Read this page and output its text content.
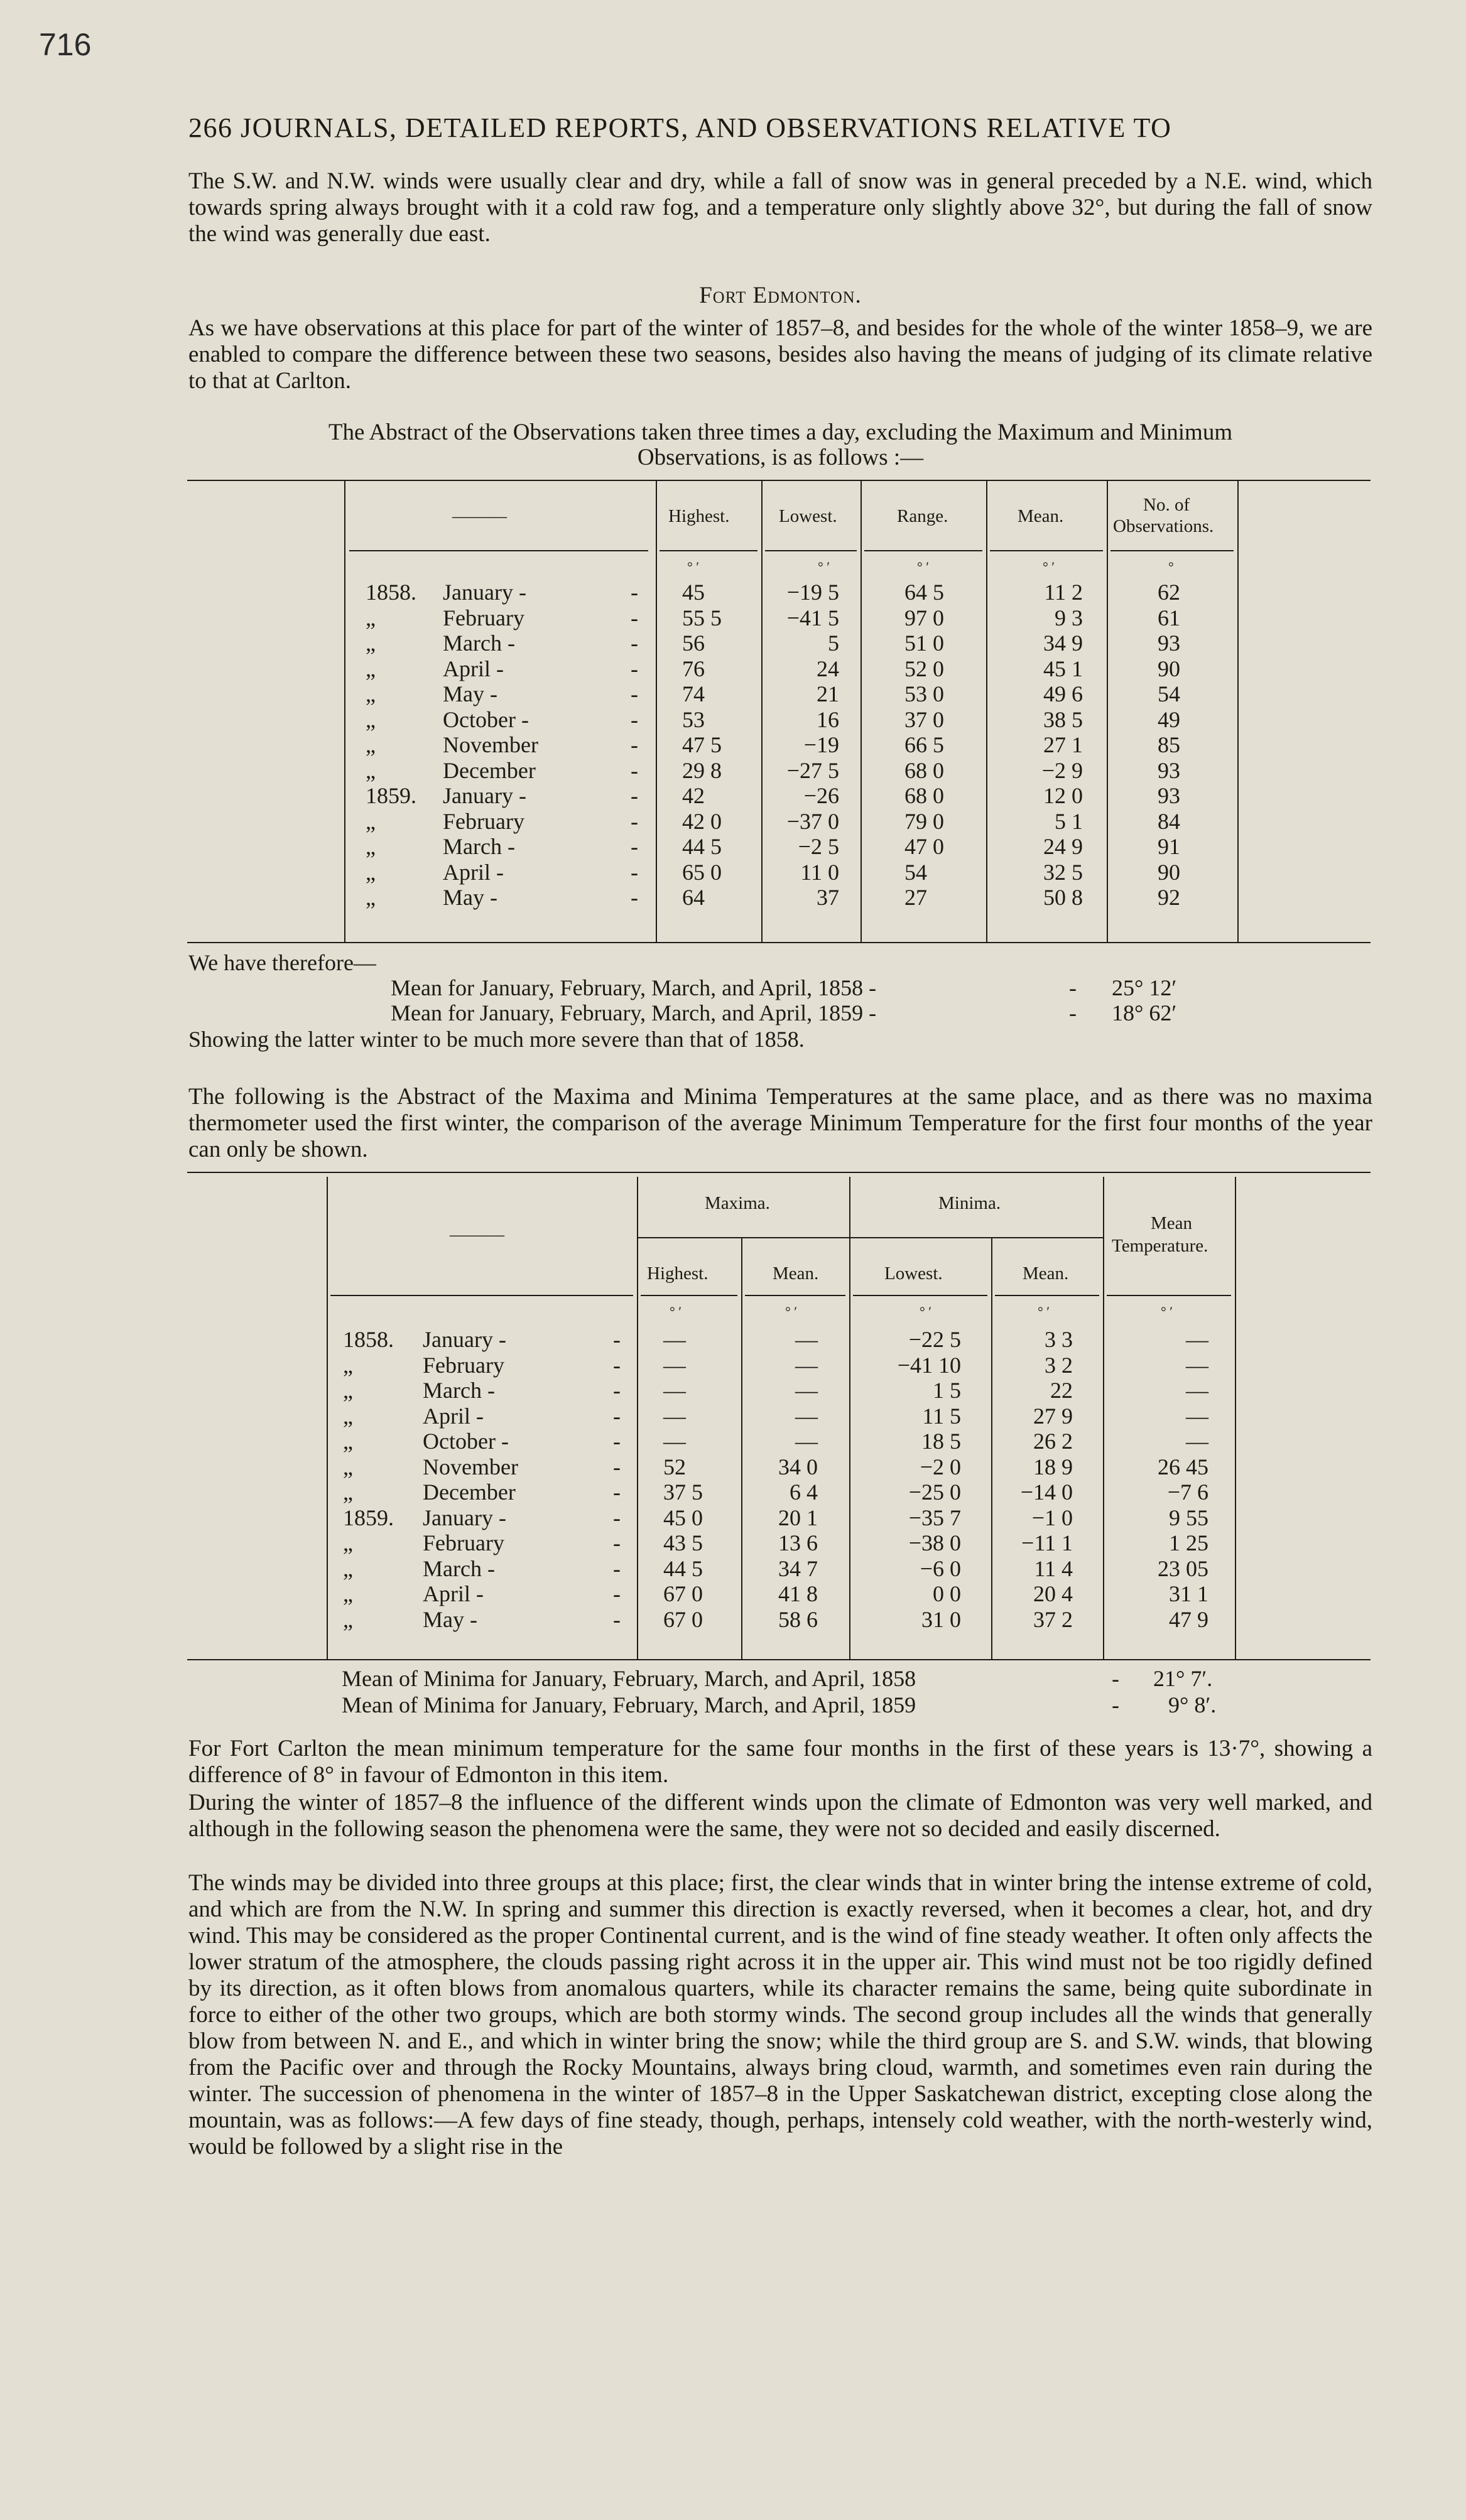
716
266 JOURNALS, DETAILED REPORTS, AND OBSERVATIONS RELATIVE TO
The S.W. and N.W. winds were usually clear and dry, while a fall of snow was in general preceded by a N.E. wind, which towards spring always brought with it a cold raw fog, and a temperature only slightly above 32°, but during the fall of snow the wind was generally due east.
Fort Edmonton.
As we have observations at this place for part of the winter of 1857–8, and besides for the whole of the winter 1858–9, we are enabled to compare the difference between these two seasons, besides also having the means of judging of its climate relative to that at Carlton.
The Abstract of the Observations taken three times a day, excluding the Maximum and Minimum
Observations, is as follows :—
———	Highest.	Lowest.	Range.	Mean.
No. of
Observations.
° ′	° ′	° ′	° ′	°
1858. January -	- 45	−19 5	64 5	11 2	62
„	February	- 55 5	−41 5	97 0	9 3	61
„	March -	- 56	5	51 0	34 9	93
„	April -	- 76	24	52 0	45 1	90
„	May -	- 74	21	53 0	49 6	54
„	October -	- 53	16	37 0	38 5	49
„	November	- 47 5	−19	66 5	27 1	85
„	December	- 29 8	−27 5	68 0	−2 9	93
1859. January -	- 42	−26	68 0	12 0	93
„	February	- 42 0	−37 0	79 0	5 1	84
„	March -	- 44 5	−2 5	47 0	24 9	91
„	April -	- 65 0	11 0	54	32 5	90
„	May -	- 64	37	27	50 8	92
We have therefore—
Mean for January, February, March, and April, 1858 -	- 25° 12′
Mean for January, February, March, and April, 1859 -	- 18° 62′
Showing the latter winter to be much more severe than that of 1858.
The following is the Abstract of the Maxima and Minima Temperatures at the same place, and as there was no maxima thermometer used the first winter, the comparison of the average Minimum Temperature for the first four months of the year can only be shown.
———
Maxima.	Minima.
Highest.	Mean.	Lowest.	Mean.
Mean
Temperature.
° ′	° ′	° ′	° ′	° ′
1858. January -	- —	—	−22 5	3 3	—
„	February	- —	—	−41 10	3 2	—
„	March -	- —	—	1 5	22	—
„	April -	- —	—	11 5	27 9	—
„	October -	- —	—	18 5	26 2	—
„	November	- 52	34 0	−2 0	18 9	26 45
„	December	- 37 5	6 4	−25 0	−14 0	−7 6
1859. January -	- 45 0	20 1	−35 7	−1 0	9 55
„	February	- 43 5	13 6	−38 0	−11 1	1 25
„	March -	- 44 5	34 7	−6 0	11 4	23 05
„	April -	- 67 0	41 8	0 0	20 4	31 1
„	May -	- 67 0	58 6	31 0	37 2	47 9
Mean of Minima for January, February, March, and April, 1858	- 21° 7′.
Mean of Minima for January, February, March, and April, 1859	- 9° 8′.
For Fort Carlton the mean minimum temperature for the same four months in the first of these years is 13·7°, showing a difference of 8° in favour of Edmonton in this item.
During the winter of 1857–8 the influence of the different winds upon the climate of Edmonton was very well marked, and although in the following season the phenomena were the same, they were not so decided and easily discerned.
The winds may be divided into three groups at this place; first, the clear winds that in winter bring the intense extreme of cold, and which are from the N.W. In spring and summer this direction is exactly reversed, when it becomes a clear, hot, and dry wind. This may be considered as the proper Continental current, and is the wind of fine steady weather. It often only affects the lower stratum of the atmosphere, the clouds passing right across it in the upper air. This wind must not be too rigidly defined by its direction, as it often blows from anomalous quarters, while its character remains the same, being quite subordinate in force to either of the other two groups, which are both stormy winds. The second group includes all the winds that generally blow from between N. and E., and which in winter bring the snow; while the third group are S. and S.W. winds, that blowing from the Pacific over and through the Rocky Mountains, always bring cloud, warmth, and sometimes even rain during the winter. The succession of phenomena in the winter of 1857–8 in the Upper Saskatchewan district, excepting close along the mountain, was as follows:—A few days of fine steady, though, perhaps, intensely cold weather, with the north-westerly wind, would be followed by a slight rise in the
